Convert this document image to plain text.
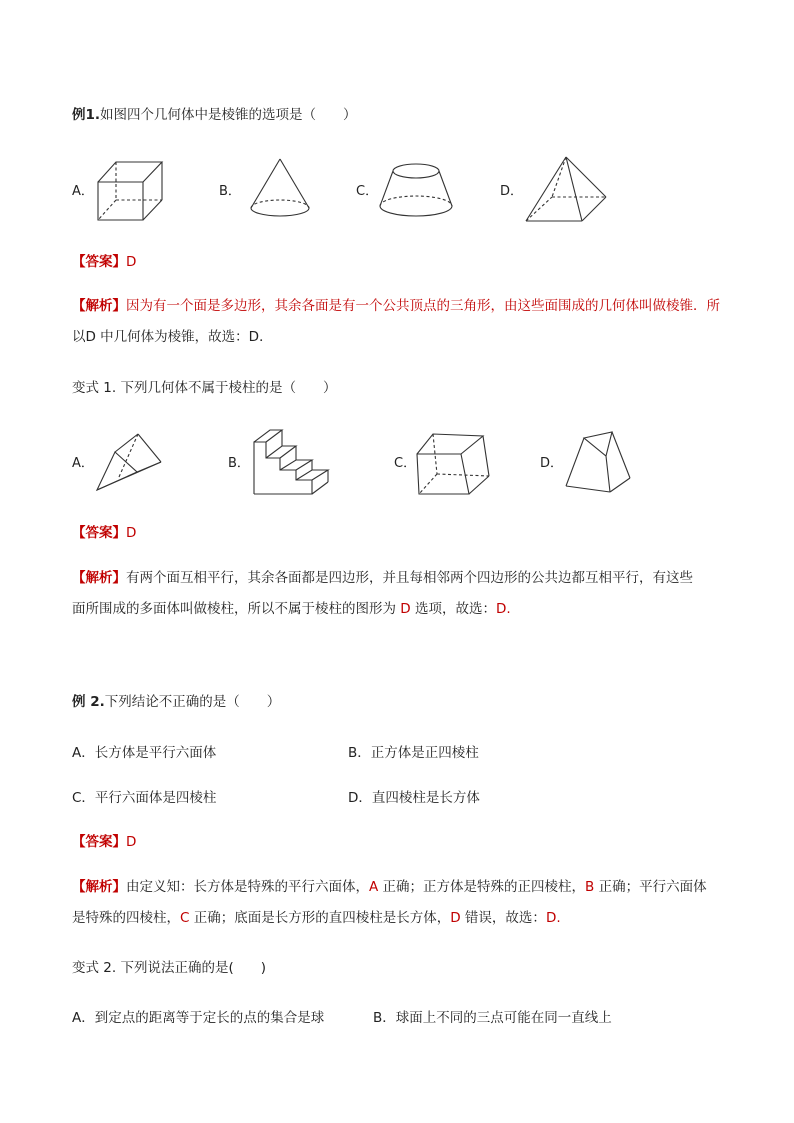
例1.如图四个几何体中是棱锥的选项是（　　）
A．	B．	C．	D．
【答案】D
【解析】因为有一个面是多边形，其余各面是有一个公共顶点的三角形，由这些面围成的几何体叫做棱锥．所
以D 中几何体为棱锥，故选：D．
变式 1. 下列几何体不属于棱柱的是（　　）
A．	B．	C．	D．
【答案】D
【解析】有两个面互相平行，其余各面都是四边形，并且每相邻两个四边形的公共边都互相平行，有这些
面所围成的多面体叫做棱柱，所以不属于棱柱的图形为 D 选项，故选：D.
例 2.下列结论不正确的是（　　）
A．长方体是平行六面体	B．正方体是正四棱柱
C．平行六面体是四棱柱	D．直四棱柱是长方体
【答案】D
【解析】由定义知：长方体是特殊的平行六面体，A 正确；正方体是特殊的正四棱柱，B 正确；平行六面体
是特殊的四棱柱，C 正确；底面是长方形的直四棱柱是长方体，D 错误，故选：D.
变式 2. 下列说法正确的是(　　)
A．到定点的距离等于定长的点的集合是球	B．球面上不同的三点可能在同一直线上
